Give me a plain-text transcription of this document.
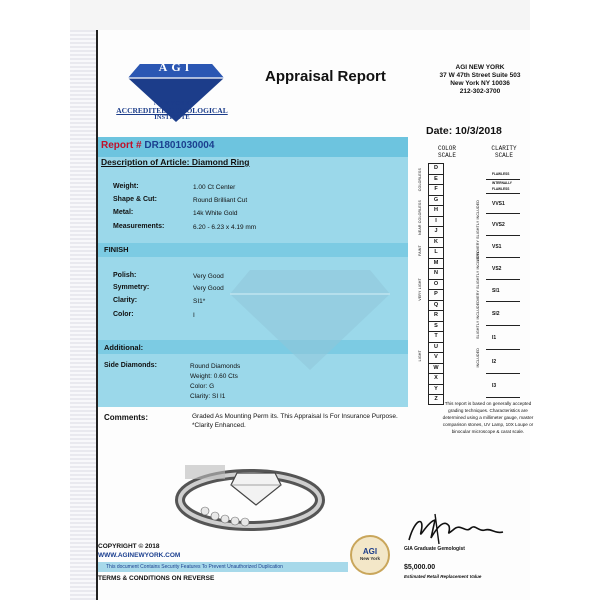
AGI
NEW YORK
ACCREDITED GEMOLOGICAL
INSTITUTE
Appraisal Report
AGI NEW YORK
37 W 47th Street Suite 503
New York NY 10036
212-302-3700
Date: 10/3/2018
Report # DR1801030004
Description of Article: Diamond Ring
Weight:	1.00 Ct Center
Shape & Cut:	Round Brilliant Cut
Metal:	14k White Gold
Measurements:	6.20 - 6.23 x 4.19 mm
FINISH
Polish:	Very Good
Symmetry:	Very Good
Clarity:	SI1*
Color:	I
Additional:
Side Diamonds:	Round Diamonds
Weight: 0.60 Cts
Color: G
Clarity: SI I1
Comments:	Graded As Mounting Perm its. This Appraisal Is For Insurance Purpose. *Clarity Enhanced.
COLOR SCALE
D
E
F
G
H
I
J
K
L
M
N
O
P
Q
R
S
T
U
V
W
X
Y
Z
COLORLESS
NEAR COLORLESS
FAINT
VERY LIGHT
LIGHT
CLARITY SCALE
FLAWLESS
INTERNALLY FLAWLESS
VVS1
VVS2
VS1
VS2
SI1
SI2
I1
I2
I3
VERY VERY SLIGHTLY INCLUDED
VERY SLIGHTLY INCLUDED
SLIGHTLY INCLUDED
INCLUDED
This report is based on generally accepted grading techniques. Characteristics are determined using a millimeter gauge, master comparison stones, UV Lamp, 10X Loupe or binocular microscope & carat scale.
COPYRIGHT © 2018
WWW.AGINEWYORK.COM
This document Contains Security Features To Prevent Unauthorized Duplication
TERMS & CONDITIONS ON REVERSE
AGI
New York
GIA Graduate Gemologist
$5,000.00
Estimated Retail Replacement Value
